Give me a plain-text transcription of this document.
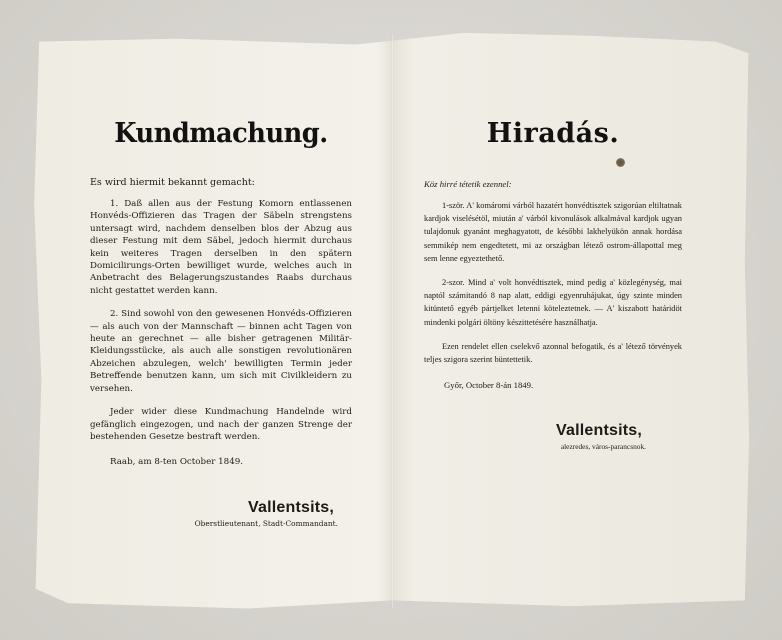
Kundmachung.
Es wird hiermit bekannt gemacht:

1. Daß allen aus der Festung Komorn entlassenen Honvéds-Offizieren das Tragen der Säbeln strengstens untersagt wird, nachdem denselben blos der Abzug aus dieser Festung mit dem Säbel, jedoch hiermit durchaus kein weiteres Tragen derselben in den spätern Domicilirungs-Orten bewilliget wurde, welches auch in Anbetracht des Belagerungszustandes Raabs durchaus nicht gestattet werden kann.

2. Sind sowohl von den gewesenen Honvéds-Offizieren — als auch von der Mannschaft — binnen acht Tagen von heute an gerechnet — alle bisher getragenen Militär-Kleidungsstücke, als auch alle sonstigen revolutionären Abzeichen abzulegen, welch' bewilligten Termin jeder Betreffende benutzen kann, um sich mit Civilkleidern zu versehen.

Jeder wider diese Kundmachung Handelnde wird gefänglich eingezogen, und nach der ganzen Strenge der bestehenden Gesetze bestraft werden.

Raab, am 8-ten October 1849.
Vallentsits,
Oberstlieutenant, Stadt-Commandant.
Hiradás.
Köz hirré tétetik ezennel:

1-ször. A' komáromi várból hazatért honvédtisztek szigorúan eltiltatnak kardjok viselésétöl, miután a' várból kivonulások alkalmával kardjok ugyan tulajdonuk gyanánt meghagyatott, de későbbi lakhelyükön annak hordása semmikép nem engedtetett, mi az országban létező ostrom-állapottal meg sem lenne egyeztethető.

2-szor. Mind a' volt honvédtisztek, mind pedig a' közlegénység, mai naptól számitandó 8 nap alatt, eddigi egyenruhájukat, úgy szinte minden kitüntető egyéb pártjelket letenni köteleztetnek. — A' kiszabott határidöt mindenki polgári öltöny készittetésére használhatja.

Ezen rendelet ellen cselekvő azonnal befogatik, és a' létező törvények teljes szigora szerint büntettetik.

Győr, October 8-án 1849.
Vallentsits,
alezredes, város-parancsnok.
